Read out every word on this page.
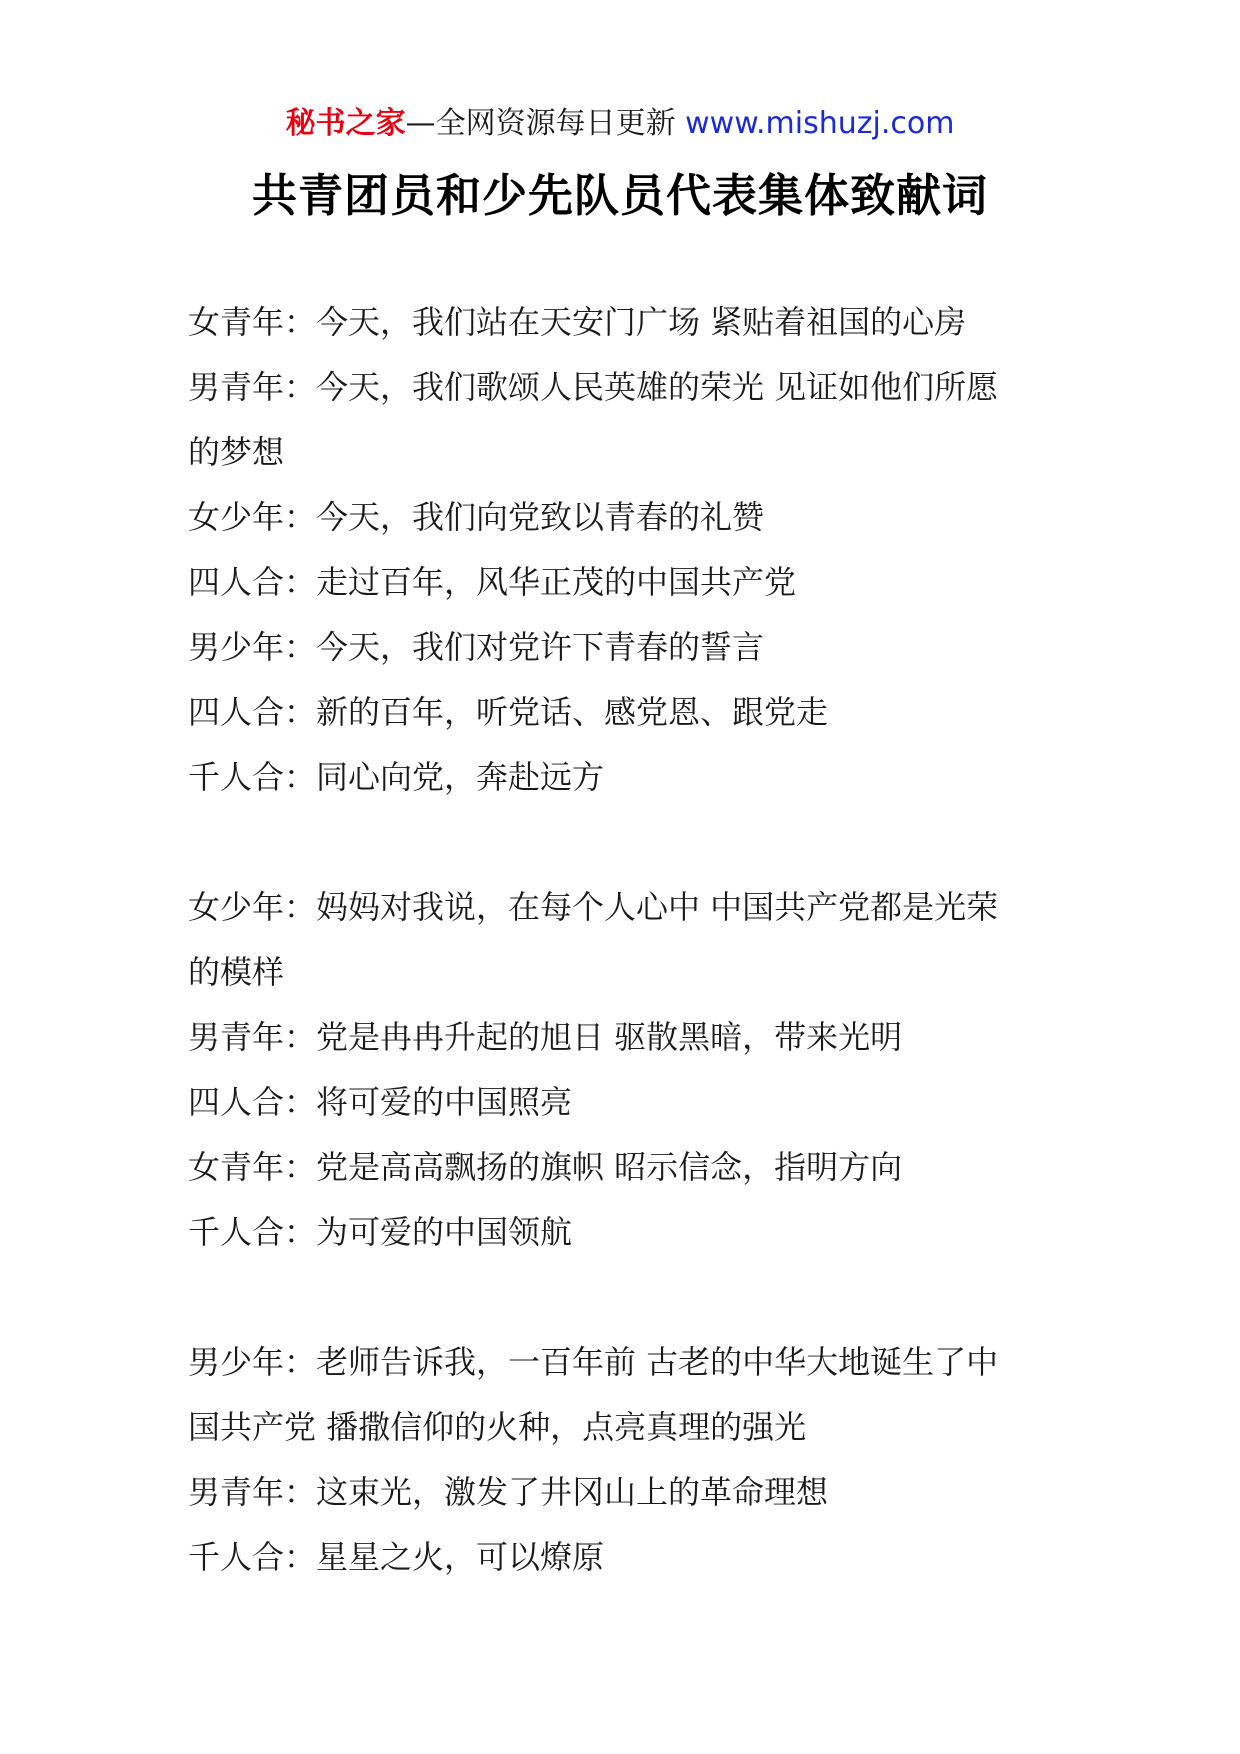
秘书之家—全网资源每日更新 www.mishuzj.com
共青团员和少先队员代表集体致献词
女青年：今天，我们站在天安门广场 紧贴着祖国的心房
男青年：今天，我们歌颂人民英雄的荣光 见证如他们所愿
的梦想
女少年：今天，我们向党致以青春的礼赞
四人合：走过百年，风华正茂的中国共产党
男少年：今天，我们对党许下青春的誓言
四人合：新的百年，听党话、感党恩、跟党走
千人合：同心向党，奔赴远方
女少年：妈妈对我说，在每个人心中 中国共产党都是光荣
的模样
男青年：党是冉冉升起的旭日 驱散黑暗，带来光明
四人合：将可爱的中国照亮
女青年：党是高高飘扬的旗帜 昭示信念，指明方向
千人合：为可爱的中国领航
男少年：老师告诉我，一百年前 古老的中华大地诞生了中
国共产党 播撒信仰的火种，点亮真理的强光
男青年：这束光，激发了井冈山上的革命理想
千人合：星星之火，可以燎原
